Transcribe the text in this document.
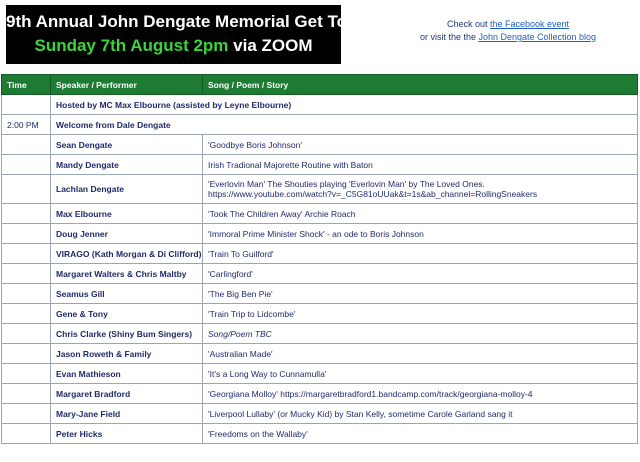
9th Annual John Dengate Memorial Get Together
Sunday 7th August 2pm via ZOOM
Check out the Facebook event
or visit the the John Dengate Collection blog
Time	Speaker / Performer	Song / Poem / Story
	Hosted by MC Max Elbourne (assisted by Leyne Elbourne)	
2:00 PM	Welcome from Dale Dengate	
	Sean Dengate	'Goodbye Boris Johnson'
	Mandy Dengate	Irish Tradional Majorette Routine with Baton
	Lachlan Dengate	'Everlovin Man' The Shouties playing 'Everlovin Man' by The Loved Ones.
https://www.youtube.com/watch?v=_C5G81oUUak&t=1s&ab_channel=RollingSneakers

	Max Elbourne	'Took The Children Away' Archie Roach
	Doug Jenner	'Immoral Prime Minister Shock' - an ode to Boris Johnson
	VIRAGO (Kath Morgan & Di Clifford)	'Train To Guilford'
	Margaret Walters & Chris Maltby	'Carlingford'
	Seamus Gill	'The Big Ben Pie'
	Gene & Tony	'Train Trip to Lidcombe'
	Chris Clarke (Shiny Bum Singers)	Song/Poem TBC
	Jason Roweth & Family	'Australian Made'
	Evan Mathieson	'It's a Long Way to Cunnamulla'
	Margaret Bradford	'Georgiana Molloy' https://margaretbradford1.bandcamp.com/track/georgiana-molloy-4
	Mary-Jane Field	'Liverpool Lullaby' (or Mucky Kid) by Stan Kelly, sometime Carole Garland sang it
	Peter Hicks	'Freedoms on the Wallaby'
